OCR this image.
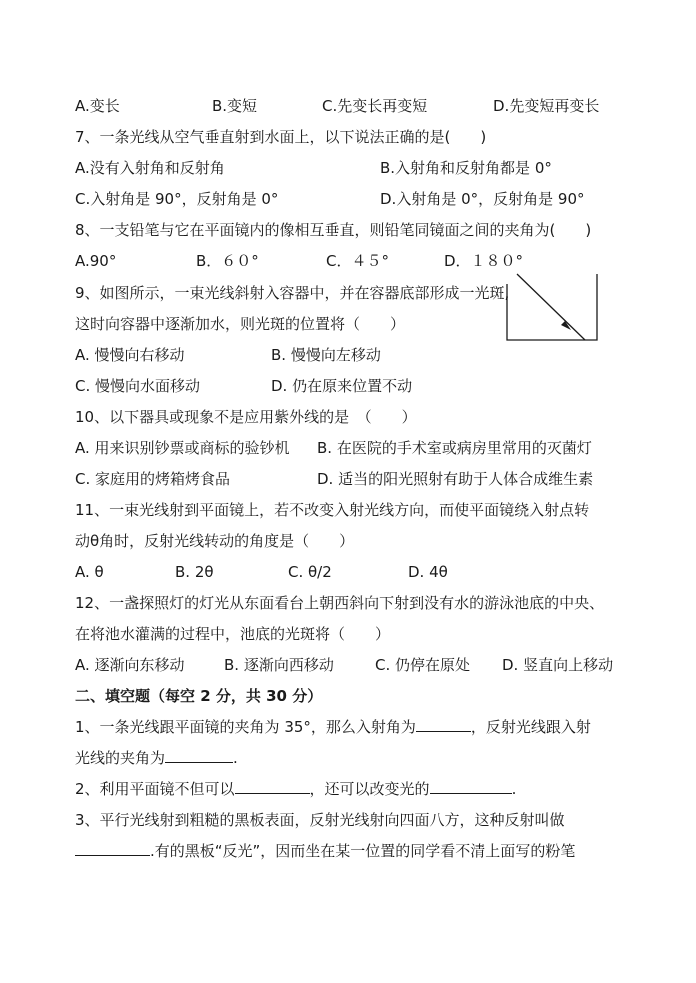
A.变长	B.变短	C.先变长再变短	D.先变短再变长
7、一条光线从空气垂直射到水面上，以下说法正确的是(　　)
A.没有入射角和反射角	B.入射角和反射角都是 0°
C.入射角是 90°，反射角是 0°	D.入射角是 0°，反射角是 90°
8、一支铅笔与它在平面镜内的像相互垂直，则铅笔同镜面之间的夹角为(　　)
A.90°	B．６０°	C．４５°	D．１８０°
9、如图所示，一束光线斜射入容器中，并在容器底部形成一光斑,
这时向容器中逐渐加水，则光斑的位置将（　　）
A. 慢慢向右移动	B. 慢慢向左移动
C. 慢慢向水面移动	D. 仍在原来位置不动
10、以下器具或现象不是应用紫外线的是　（　　）
A. 用来识别钞票或商标的验钞机 B. 在医院的手术室或病房里常用的灭菌灯
C. 家庭用的烤箱烤食品	D. 适当的阳光照射有助于人体合成维生素
11、一束光线射到平面镜上，若不改变入射光线方向，而使平面镜绕入射点转
动θ角时，反射光线转动的角度是（　　）
A. θ	B. 2θ	C. θ/2	D. 4θ
12、一盏探照灯的灯光从东面看台上朝西斜向下射到没有水的游泳池底的中央、
在将池水灌满的过程中，池底的光斑将（　　）
A. 逐渐向东移动	B. 逐渐向西移动	C. 仍停在原处 D. 竖直向上移动
二、填空题（每空 2 分，共 30 分）
1、一条光线跟平面镜的夹角为 35°，那么入射角为	，反射光线跟入射
光线的夹角为	.
2、利用平面镜不但可以	，还可以改变光的	.
3、平行光线射到粗糙的黑板表面，反射光线射向四面八方，这种反射叫做
.有的黑板“反光”，因而坐在某一位置的同学看不清上面写的粉笔
